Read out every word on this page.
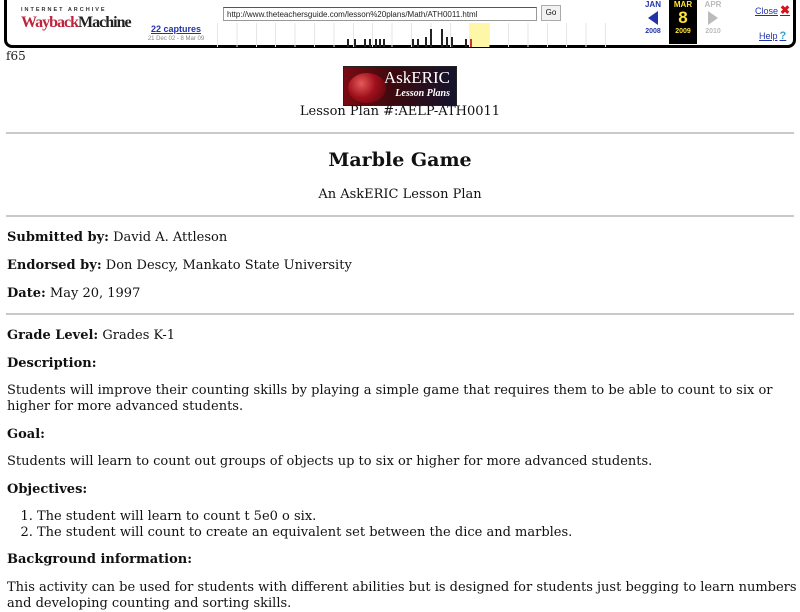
INTERNET ARCHIVE
WaybackMachine	http://www.theteachersguide.com/lesson%20plans/Math/ATH0011.html	Go
22 captures
21 Dec 02 - 8 Mar 09
JAN
2008
MAR
8
2009
APR
2010
Close ✖
Help ?
f65
AskERIC
Lesson Plans
Lesson Plan #:AELP-ATH0011
Marble Game
An AskERIC Lesson Plan
Submitted by: David A. Attleson
Endorsed by: Don Descy, Mankato State University
Date: May 20, 1997
Grade Level: Grades K-1
Description:
Students will improve their counting skills by playing a simple game that requires them to be able to count to six or higher for more advanced students.
Goal:
Students will learn to count out groups of objects up to six or higher for more advanced students.
Objectives:
1. The student will learn to count t 5e0 o six.
2. The student will count to create an equivalent set between the dice and marbles.
Background information:
This activity can be used for students with different abilities but is designed for students just begging to learn numbers and developing counting and sorting skills.
